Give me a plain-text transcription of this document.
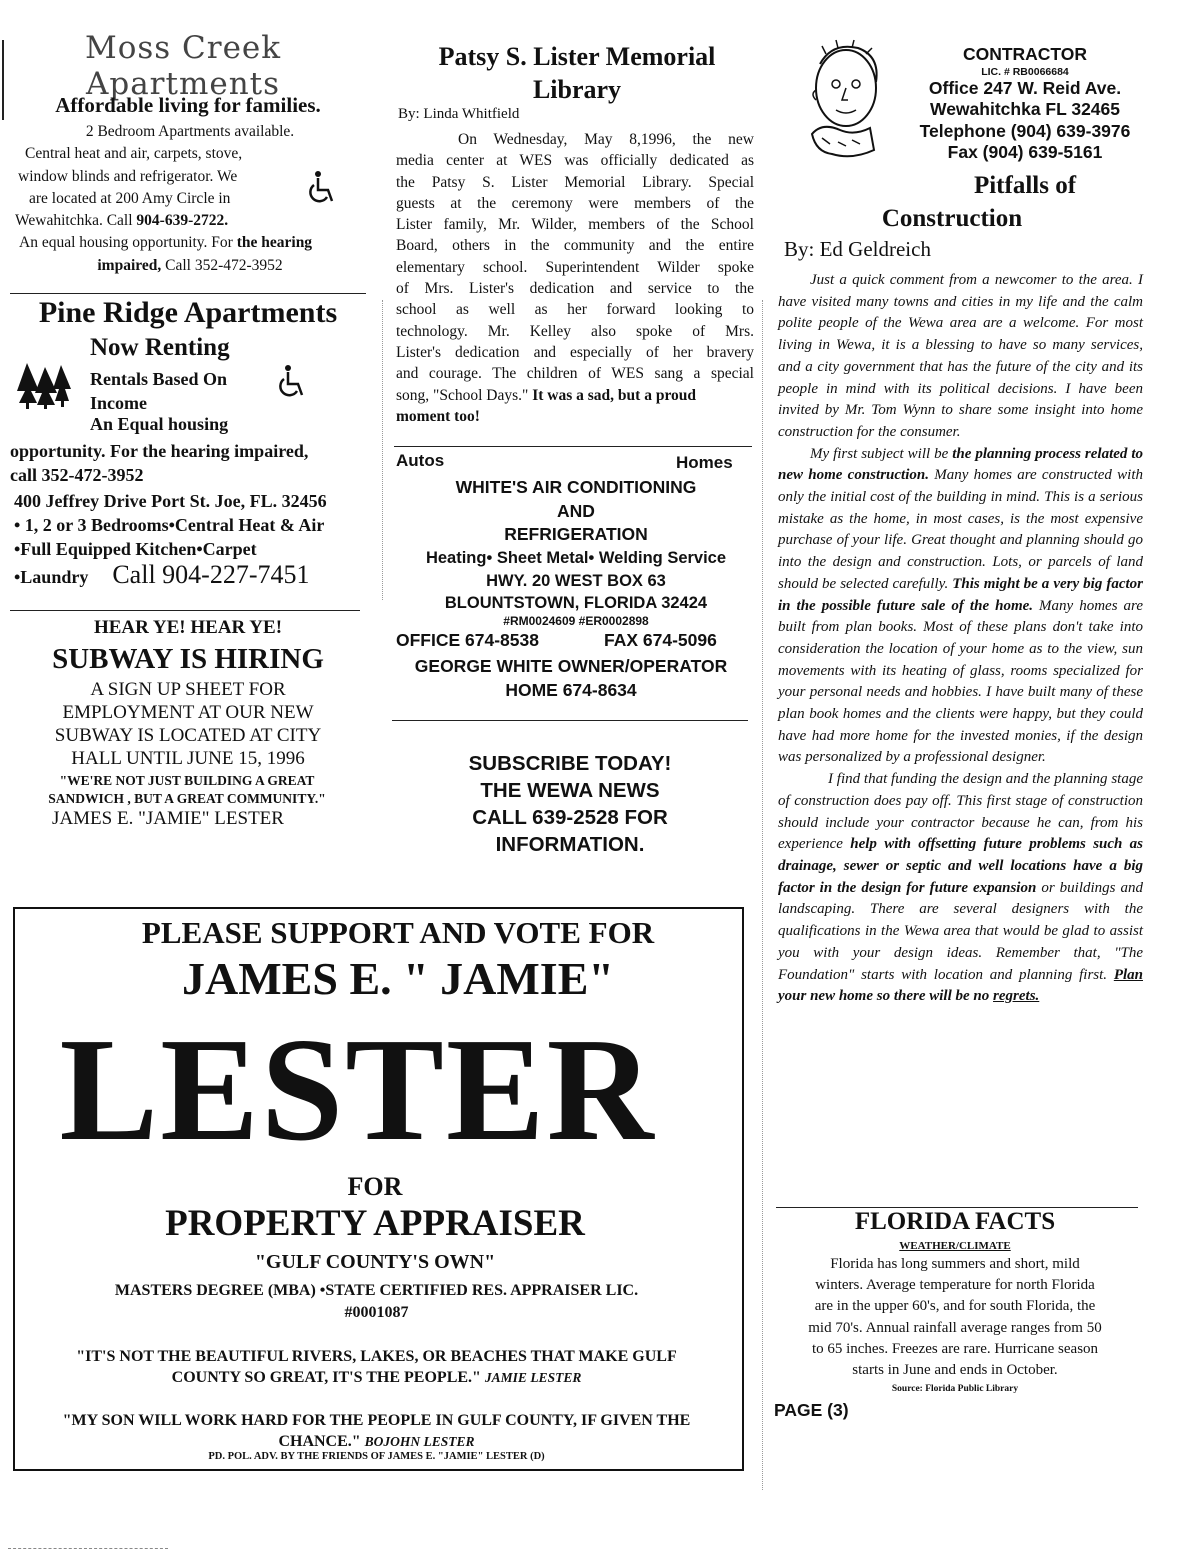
Moss Creek Apartments
Affordable living for families.
2 Bedroom Apartments available.
Central heat and air, carpets, stove,
window blinds and refrigerator. We
are located at 200 Amy Circle in
Wewahitchka. Call 904-639-2722.
An equal housing opportunity. For the hearing
impaired, Call 352-472-3952
Pine Ridge Apartments
Now Renting
Rentals Based On
Income
An Equal housing
opportunity. For the hearing impaired,
call 352-472-3952
400 Jeffrey Drive Port St. Joe, FL. 32456
• 1, 2 or 3 Bedrooms•Central Heat & Air
•Full Equipped Kitchen•Carpet
•Laundry Call 904-227-7451
HEAR YE! HEAR YE!
SUBWAY IS HIRING
A SIGN UP SHEET FOR
EMPLOYMENT AT OUR NEW
SUBWAY IS LOCATED AT CITY
HALL UNTIL JUNE 15, 1996
"WE'RE NOT JUST BUILDING A GREAT
SANDWICH , BUT A GREAT COMMUNITY."
JAMES E. "JAMIE" LESTER
Patsy S. Lister Memorial
Library
By: Linda Whitfield
On Wednesday, May 8,1996, the new
media center at WES was officially dedicated as
the Patsy S. Lister Memorial Library. Special
guests at the ceremony were members of the
Lister family, Mr. Wilder, members of the School
Board, others in the community and the entire
elementary school. Superintendent Wilder spoke
of Mrs. Lister's dedication and service to the
school as well as her forward looking to
technology. Mr. Kelley also spoke of Mrs.
Lister's dedication and especially of her bravery
and courage. The children of WES sang a special
song, "School Days." It was a sad, but a proud
moment too!
Autos	Homes
WHITE'S AIR CONDITIONING
AND
REFRIGERATION
Heating• Sheet Metal• Welding Service
HWY. 20 WEST BOX 63
BLOUNTSTOWN, FLORIDA 32424
#RM0024609 #ER0002898
OFFICE 674-8538	FAX 674-5096
GEORGE WHITE OWNER/OPERATOR
HOME 674-8634
SUBSCRIBE TODAY!
THE WEWA NEWS
CALL 639-2528 FOR
INFORMATION.
PLEASE SUPPORT AND VOTE FOR
JAMES E. " JAMIE"
LESTER
FOR
PROPERTY APPRAISER
"GULF COUNTY'S OWN"
MASTERS DEGREE (MBA) •STATE CERTIFIED RES. APPRAISER LIC.
#0001087
"IT'S NOT THE BEAUTIFUL RIVERS, LAKES, OR BEACHES THAT MAKE GULF
COUNTY SO GREAT, IT'S THE PEOPLE." JAMIE LESTER
"MY SON WILL WORK HARD FOR THE PEOPLE IN GULF COUNTY, IF GIVEN THE
CHANCE." BOJOHN LESTER
PD. POL. ADV. BY THE FRIENDS OF JAMES E. "JAMIE" LESTER (D)
CONTRACTOR
LIC. # RB0066684
Office 247 W. Reid Ave.
Wewahitchka FL 32465
Telephone (904) 639-3976
Fax (904) 639-5161
Pitfalls of
Construction
By: Ed Geldreich
Just a quick comment from a newcomer to the area. I have visited many towns and cities in my life and the calm polite people of the Wewa area are a welcome. For most living in Wewa, it is a blessing to have so many services, and a city government that has the future of the city and its people in mind with its political decisions. I have been invited by Mr. Tom Wynn to share some insight into home construction for the consumer.
My first subject will be the planning process related to new home construction. Many homes are constructed with only the initial cost of the building in mind. This is a serious mistake as the home, in most cases, is the most expensive purchase of your life. Great thought and planning should go into the design and construction. Lots, or parcels of land should be selected carefully. This might be a very big factor in the possible future sale of the home. Many homes are built from plan books. Most of these plans don't take into consideration the location of your home as to the view, sun movements with its heating of glass, rooms specialized for your personal needs and hobbies. I have built many of these plan book homes and the clients were happy, but they could have had more home for the invested monies, if the design was personalized by a professional designer.
I find that funding the design and the planning stage of construction does pay off. This first stage of construction should include your contractor because he can, from his experience help with offsetting future problems such as drainage, sewer or septic and well locations have a big factor in the design for future expansion or buildings and landscaping. There are several designers with the qualifications in the Wewa area that would be glad to assist you with your design ideas. Remember that, "The Foundation" starts with location and planning first. Plan your new home so there will be no regrets.
FLORIDA FACTS
WEATHER/CLIMATE
Florida has long summers and short, mild
winters. Average temperature for north Florida
are in the upper 60's, and for south Florida, the
mid 70's. Annual rainfall average ranges from 50
to 65 inches. Freezes are rare. Hurricane season
starts in June and ends in October.
Source: Florida Public Library
PAGE (3)
